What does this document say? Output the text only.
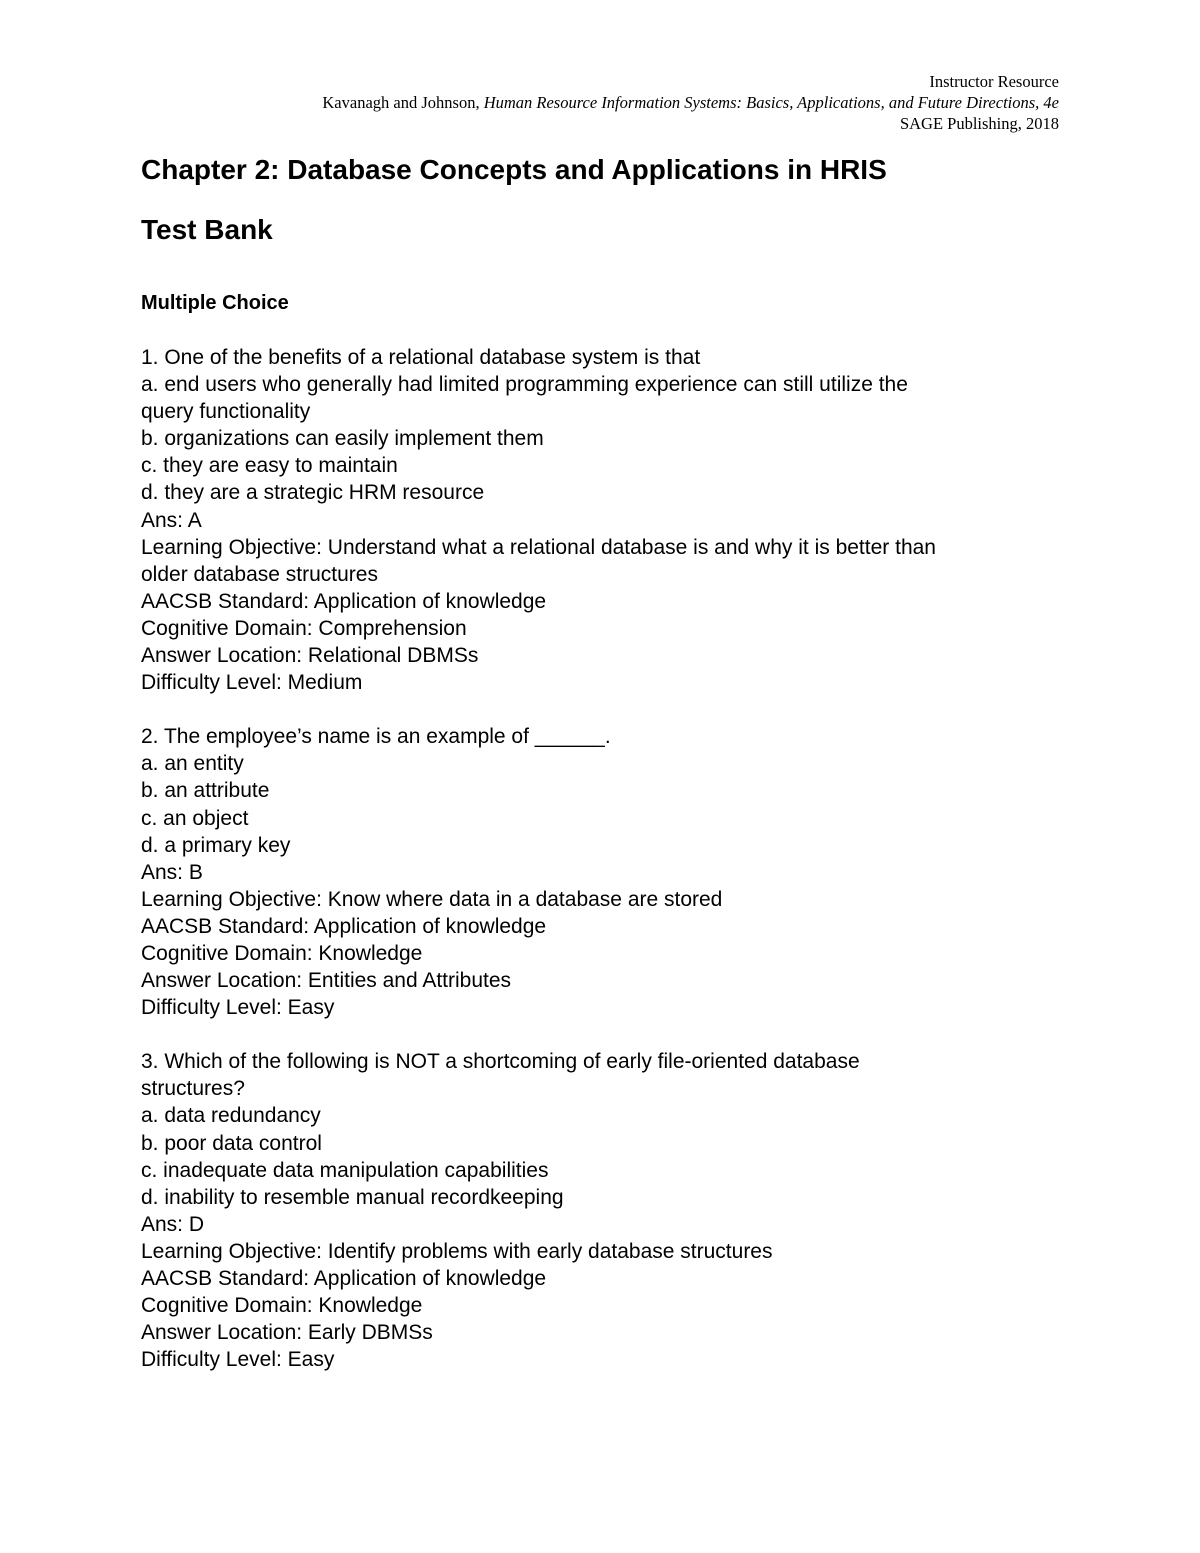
Instructor Resource
Kavanagh and Johnson, Human Resource Information Systems: Basics, Applications, and Future Directions, 4e
SAGE Publishing, 2018
Chapter 2: Database Concepts and Applications in HRIS
Test Bank
Multiple Choice

1. One of the benefits of a relational database system is that

a. end users who generally had limited programming experience can still utilize the

query functionality

b. organizations can easily implement them

c. they are easy to maintain

d. they are a strategic HRM resource

Ans: A

Learning Objective: Understand what a relational database is and why it is better than

older database structures

AACSB Standard: Application of knowledge

Cognitive Domain: Comprehension

Answer Location: Relational DBMSs

Difficulty Level: Medium

2. The employee’s name is an example of ______.

a. an entity

b. an attribute

c. an object

d. a primary key

Ans: B

Learning Objective: Know where data in a database are stored

AACSB Standard: Application of knowledge

Cognitive Domain: Knowledge

Answer Location: Entities and Attributes

Difficulty Level: Easy

3. Which of the following is NOT a shortcoming of early file-oriented database

structures?

a. data redundancy

b. poor data control

c. inadequate data manipulation capabilities

d. inability to resemble manual recordkeeping

Ans: D

Learning Objective: Identify problems with early database structures

AACSB Standard: Application of knowledge

Cognitive Domain: Knowledge

Answer Location: Early DBMSs

Difficulty Level: Easy
